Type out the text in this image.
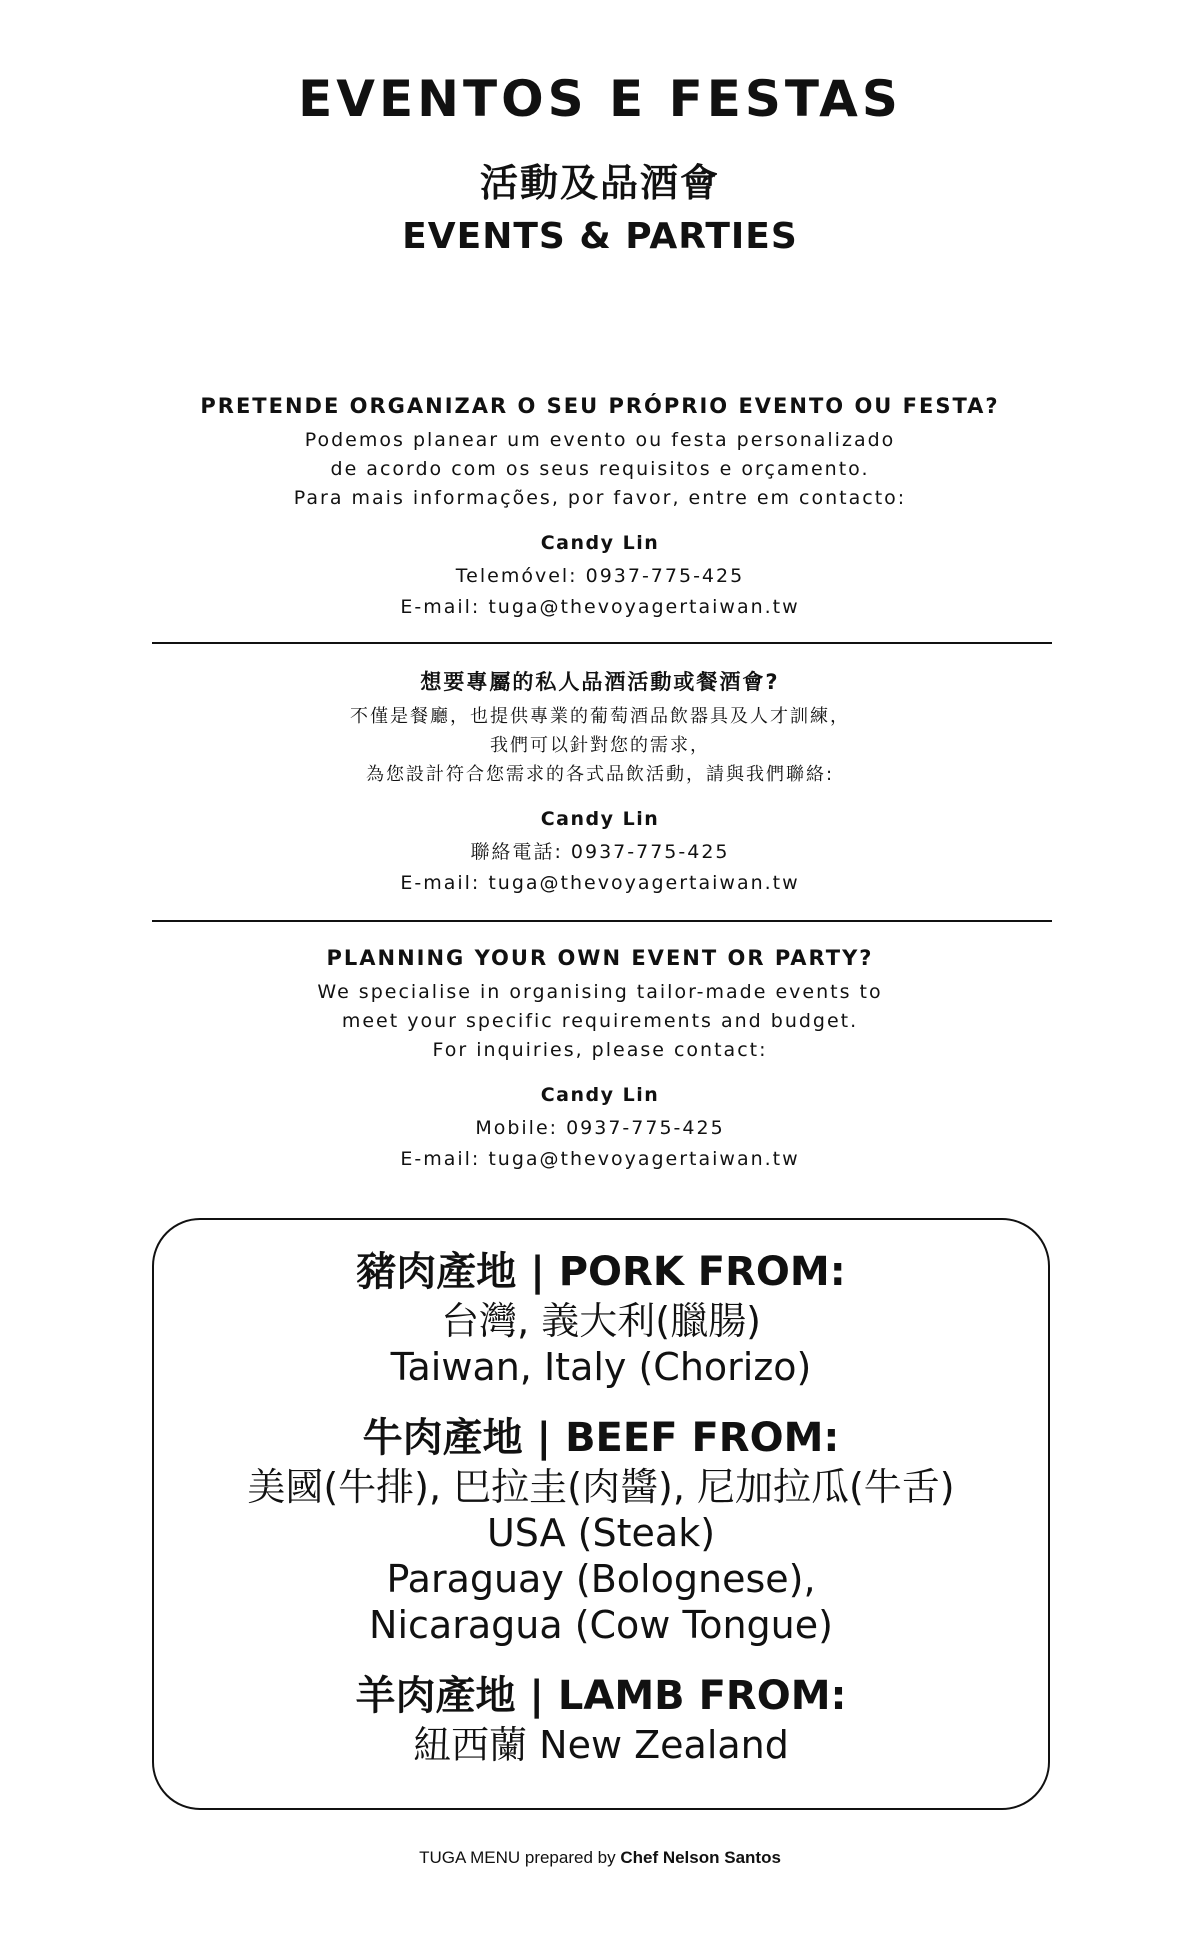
EVENTOS E FESTAS
活動及品酒會
EVENTS & PARTIES
PRETENDE ORGANIZAR O SEU PRÓPRIO EVENTO OU FESTA?
Podemos planear um evento ou festa personalizado
de acordo com os seus requisitos e orçamento.
Para mais informações, por favor, entre em contacto:
Candy Lin
Telemóvel: 0937-775-425
E-mail: tuga@thevoyagertaiwan.tw
想要專屬的私人品酒活動或餐酒會?
不僅是餐廳，也提供專業的葡萄酒品飲器具及人才訓練，
我們可以針對您的需求，
為您設計符合您需求的各式品飲活動，請與我們聯絡:
Candy Lin
聯絡電話: 0937-775-425
E-mail: tuga@thevoyagertaiwan.tw
PLANNING YOUR OWN EVENT OR PARTY?
We specialise in organising tailor-made events to
meet your specific requirements and budget.
For inquiries, please contact:
Candy Lin
Mobile: 0937-775-425
E-mail: tuga@thevoyagertaiwan.tw
豬肉產地 | PORK FROM:
台灣, 義大利(臘腸)
Taiwan, Italy (Chorizo)
牛肉產地 | BEEF FROM:
美國(牛排), 巴拉圭(肉醬), 尼加拉瓜(牛舌)
USA (Steak)
Paraguay (Bolognese),
Nicaragua (Cow Tongue)
羊肉產地 | LAMB FROM:
紐西蘭 New Zealand
TUGA MENU prepared by Chef Nelson Santos
